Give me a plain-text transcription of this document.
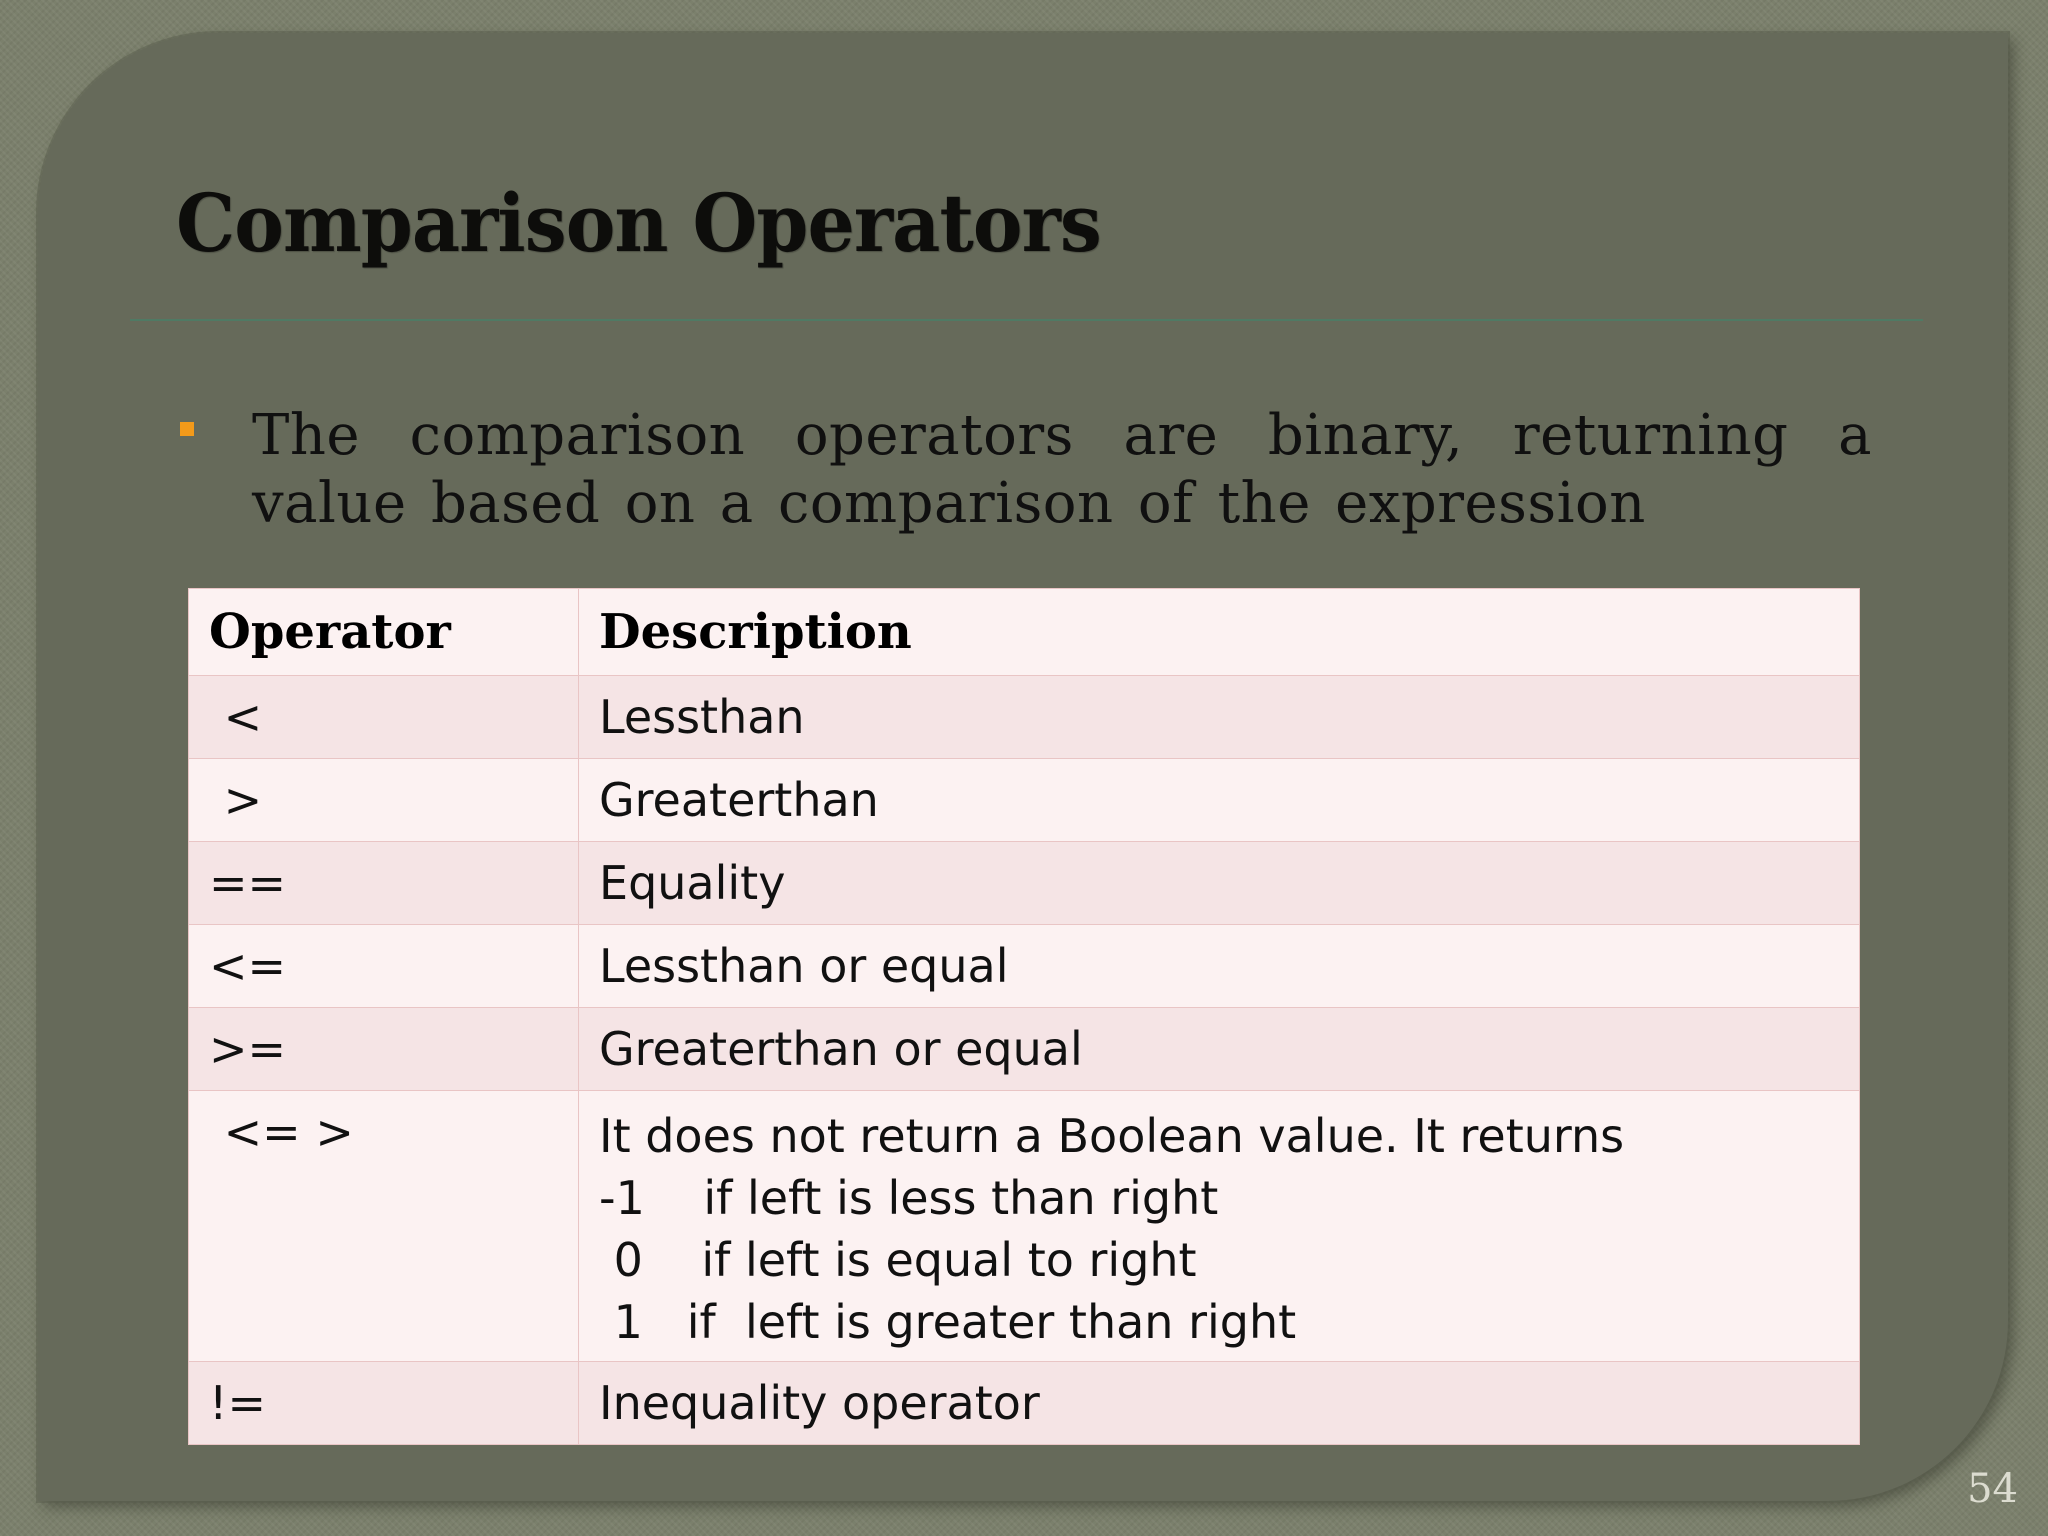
Comparison Operators

The comparison operators are binary, returning a value based on a comparison of the expression

Operator	Description
<	Lessthan

>	Greaterthan

==	Equality

<=	Lessthan or equal

>=	Greaterthan or equal

<= >	It does not return a Boolean value. It returns
-1    if left is less than right
0    if left is equal to right
1   if  left is greater than right

!=	Inequality operator
54
